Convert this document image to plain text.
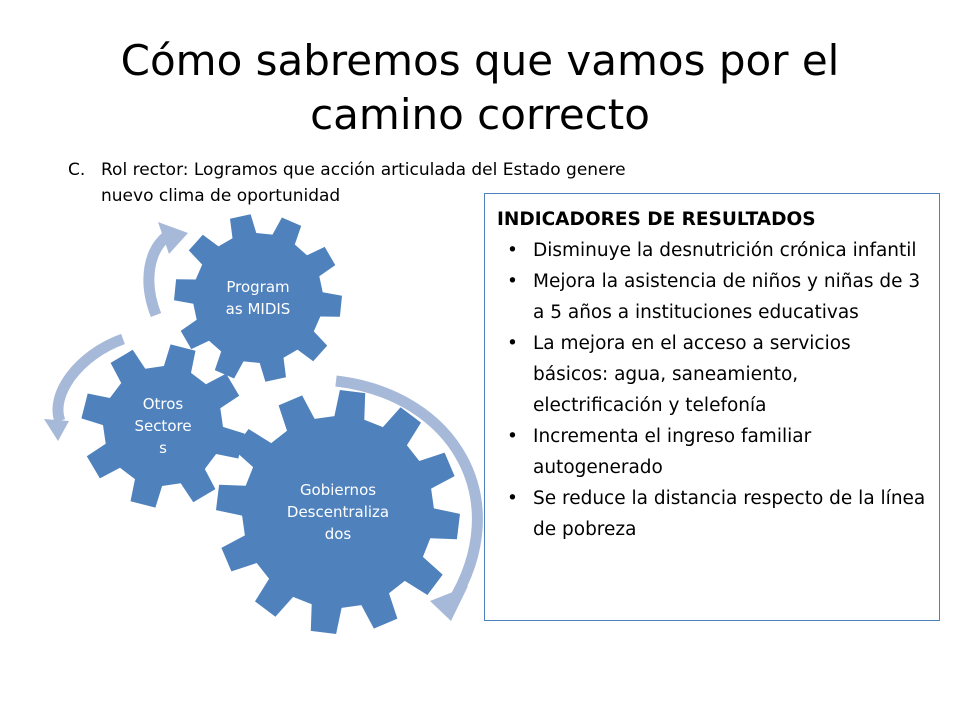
Cómo sabremos que vamos por el camino correcto
C. Rol rector: Logramos que acción articulada del Estado genere nuevo clima de oportunidad
Program
as MIDIS
Otros
Sectore
s
Gobiernos
Descentraliza
dos
INDICADORES DE RESULTADOS
• Disminuye la desnutrición crónica infantil
• Mejora la asistencia de niños y niñas de 3 a 5 años a instituciones educativas
• La mejora en el acceso a servicios básicos: agua, saneamiento, electrificación y telefonía
• Incrementa el ingreso familiar autogenerado
• Se reduce la distancia respecto de la línea de pobreza
